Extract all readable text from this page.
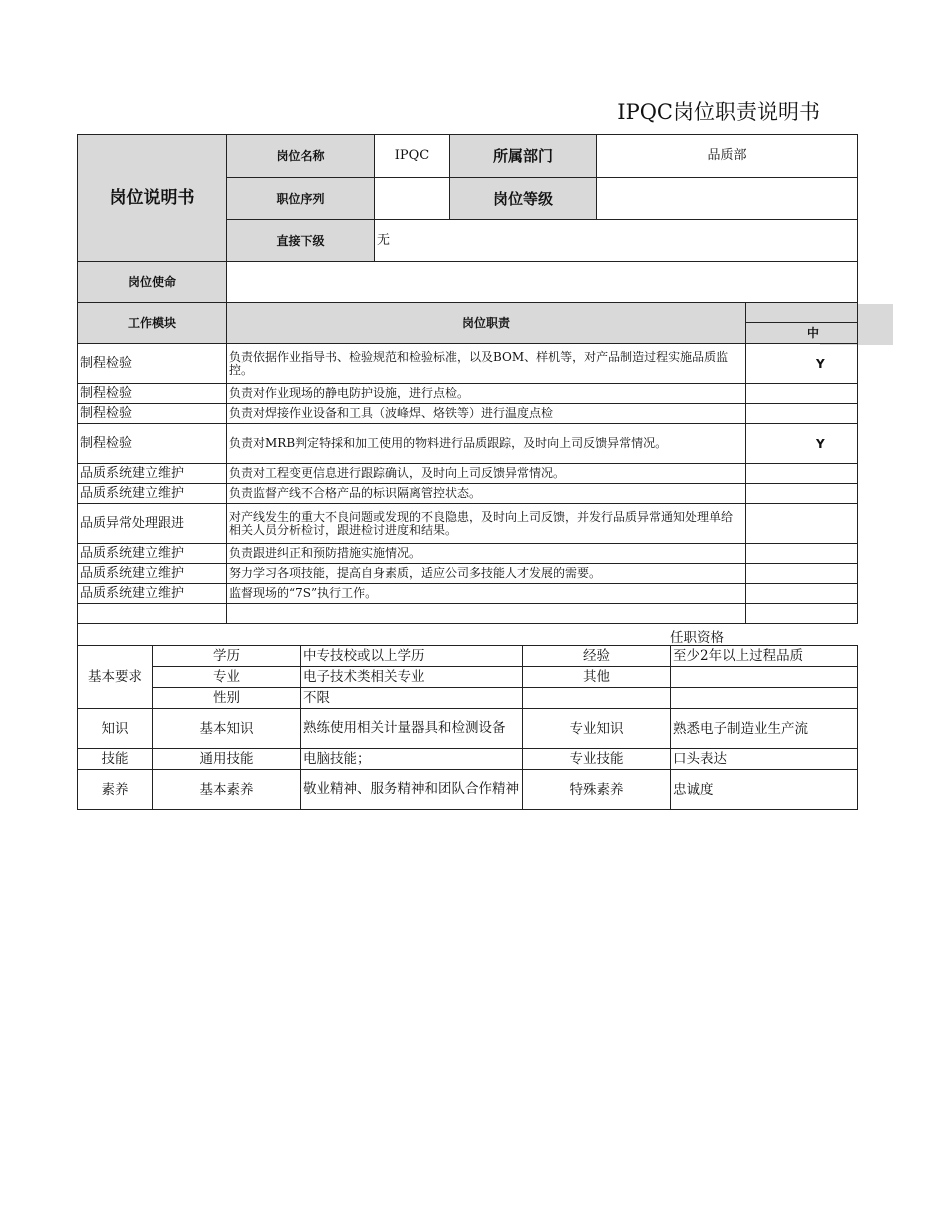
IPQC岗位职责说明书
岗位说明书	岗位名称	IPQC	所属部门	品质部	
	职位序列		岗位等级		
	直接下级	无			
岗位使命					
工作模块	岗位职责				
					中
制程检验	负责依据作业指导书、检验规范和检验标准，以及BOM、样机等，对产品制造过程实施品质监控。				Y
制程检验	负责对作业现场的静电防护设施，进行点检。				
制程检验	负责对焊接作业设备和工具（波峰焊、烙铁等）进行温度点检				
制程检验	负责对MRB判定特採和加工使用的物料进行品质跟踪，及时向上司反馈异常情况。				Y
品质系统建立维护	负责对工程变更信息进行跟踪确认，及时向上司反馈异常情况。				
品质系统建立维护	负责监督产线不合格产品的标识隔离管控状态。				
品质异常处理跟进	对产线发生的重大不良问题或发现的不良隐患，及时向上司反馈，并发行品质异常通知处理单给相关人员分析检讨，跟进检讨进度和结果。				
品质系统建立维护	负责跟进纠正和预防措施实施情况。				
品质系统建立维护	努力学习各项技能，提高自身素质，适应公司多技能人才发展的需要。				
品质系统建立维护	监督现场的“7S”执行工作。				

任职资格				
基本要求	学历	中专技校或以上学历	经验	至少2年以上过程品质
	专业	电子技术类相关专业	其他	
	性别	不限		
知识	基本知识	熟练使用相关计量器具和检测设备	专业知识	熟悉电子制造业生产流
技能	通用技能	电脑技能；	专业技能	口头表达
素养	基本素养	敬业精神、服务精神和团队合作精神	特殊素养	忠诚度
